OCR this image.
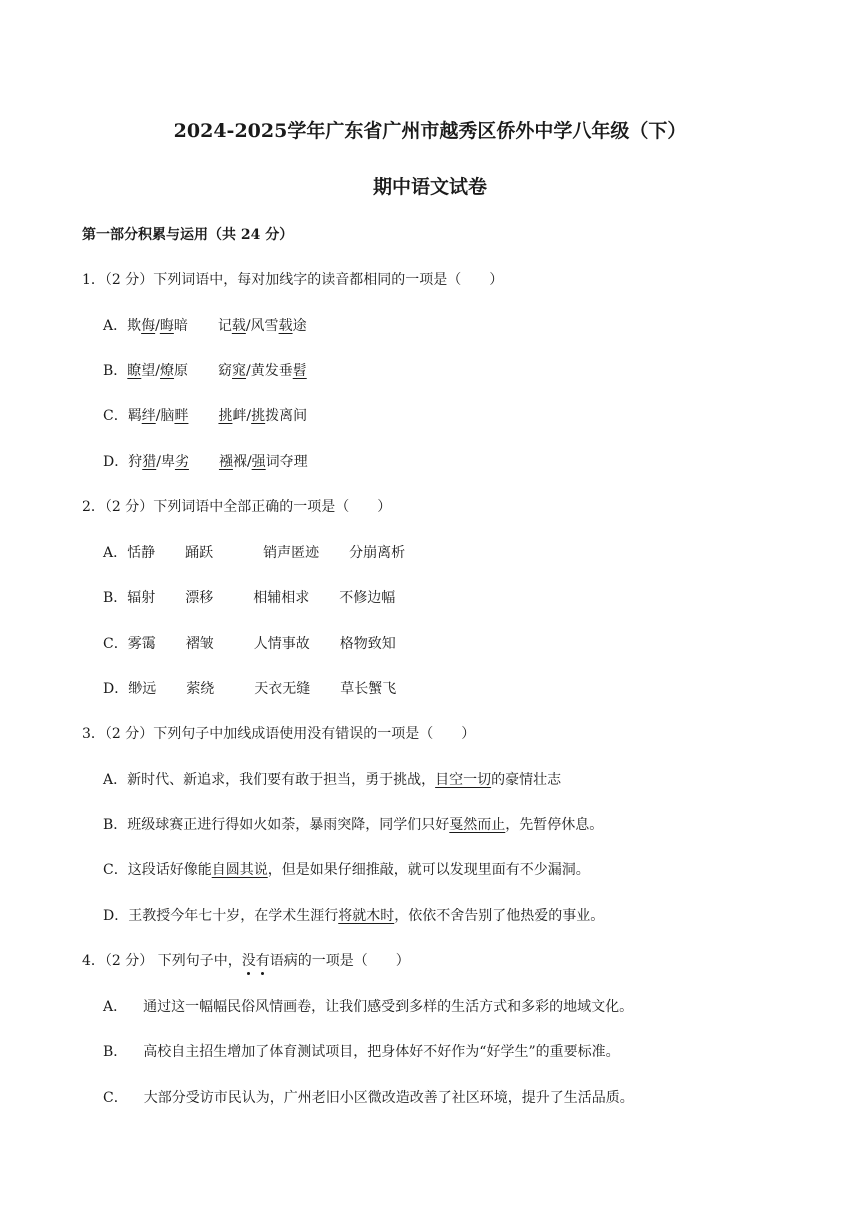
2024-2025学年广东省广州市越秀区侨外中学八年级（下）
期中语文试卷
第一部分积累与运用（共 24 分）
1．（2 分）下列词语中，每对加线字的读音都相同的一项是（　　）
A．欺侮/晦暗 记载/风雪载途
B．瞭望/燎原 窈窕/黄发垂髫
C．羁绊/脑畔 挑衅/挑拨离间
D．狩猎/卑劣 襁褓/强词夺理
2．（2 分）下列词语中全部正确的一项是（　　）
A．恬静 踊跃	销声匿迹 分崩离析
B．辐射 漂移	相辅相求 不修边幅
C．雾霭 褶皱	人情事故 格物致知
D．缈远 萦绕	天衣无缝 草长蟹飞
3．（2 分）下列句子中加线成语使用没有错误的一项是（　　）
A．新时代、新追求，我们要有敢于担当，勇于挑战，目空一切的豪情壮志
B．班级球赛正进行得如火如荼，暴雨突降，同学们只好戛然而止，先暂停休息。
C．这段话好像能自圆其说，但是如果仔细推敲，就可以发现里面有不少漏洞。
D．王教授今年七十岁，在学术生涯行将就木时，依依不舍告别了他热爱的事业。
4．（2 分） 下列句子中，没有语病的一项是（　　）
A． 通过这一幅幅民俗风情画卷，让我们感受到多样的生活方式和多彩的地域文化。
B． 高校自主招生增加了体育测试项目，把身体好不好作为“好学生”的重要标准。
C． 大部分受访市民认为，广州老旧小区微改造改善了社区环境，提升了生活品质。
